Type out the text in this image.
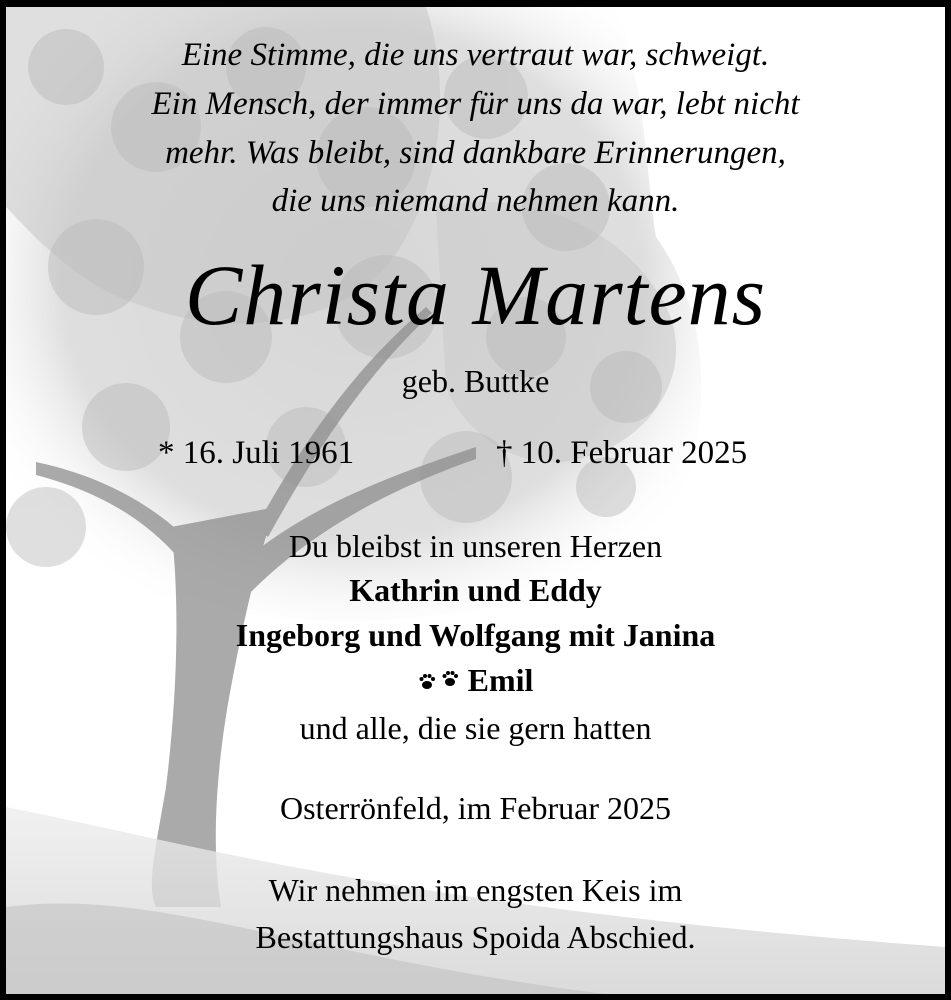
Eine Stimme, die uns vertraut war, schweigt.
Ein Mensch, der immer für uns da war, lebt nicht
mehr. Was bleibt, sind dankbare Erinnerungen,
die uns niemand nehmen kann.
Christa Martens
geb. Buttke
* 16. Juli 1961	† 10. Februar 2025
Du bleibst in unseren Herzen
Kathrin und Eddy
Ingeborg und Wolfgang mit Janina
Emil
und alle, die sie gern hatten
Osterrönfeld, im Februar 2025
Wir nehmen im engsten Keis im
Bestattungshaus Spoida Abschied.
